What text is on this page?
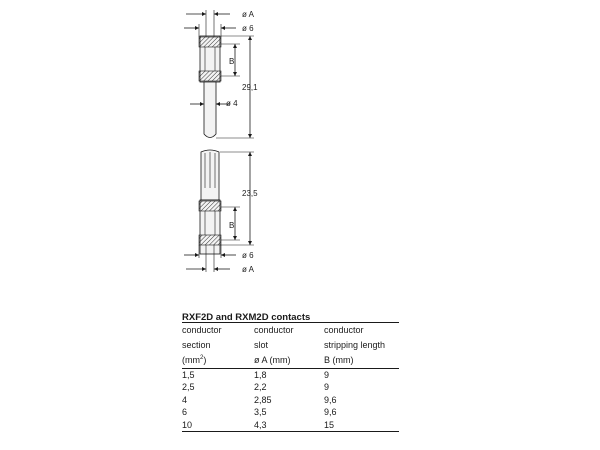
ø A
ø 6
B
29,1
ø 4
23,5
B
ø 6
ø A
RXF2D and RXM2D contacts
conductor	conductor	conductor
section	slot	stripping length
$(mm^2)$	ø A (mm)	B (mm)
1,5	1,8	9
2,5	2,2	9
4	2,85	9,6
6	3,5	9,6
10	4,3	15
